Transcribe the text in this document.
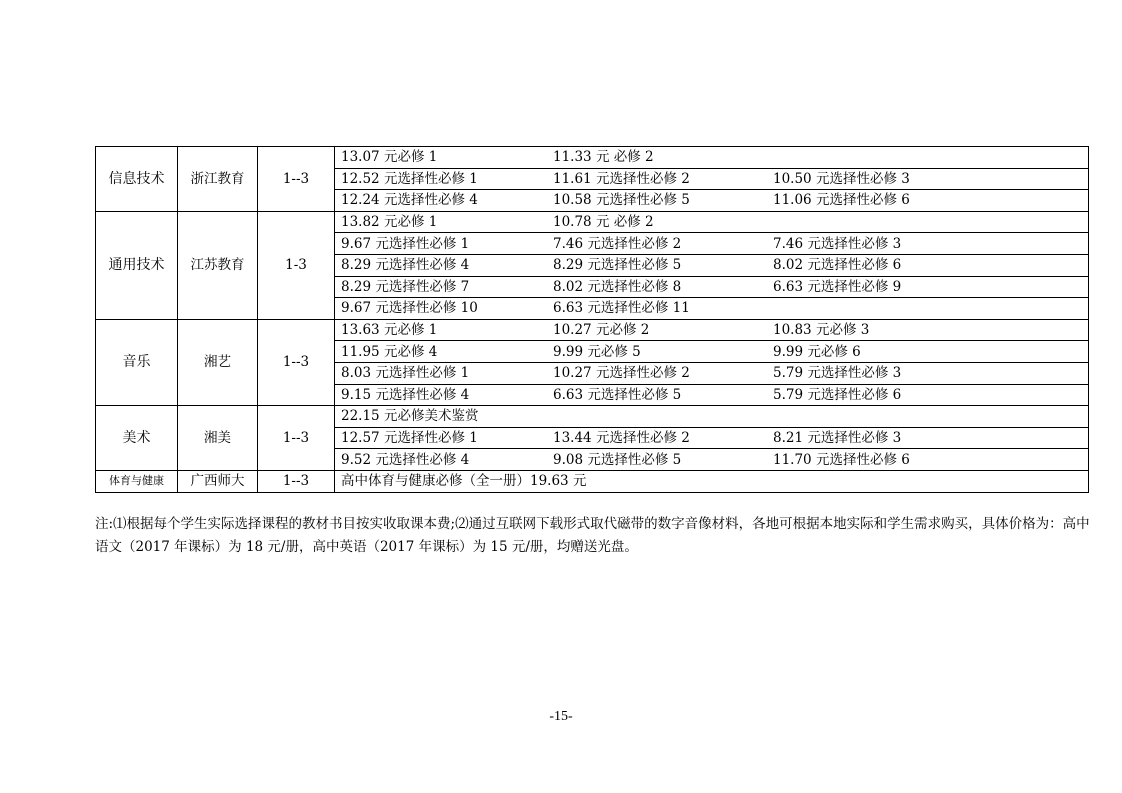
信息技术	浙江教育	1--3	13.07 元必修 1 11.33 元 必修 2
			12.52 元选择性必修 1 11.61 元选择性必修 2 10.50 元选择性必修 3
			12.24 元选择性必修 4 10.58 元选择性必修 5 11.06 元选择性必修 6
通用技术	江苏教育	1-3	13.82 元必修 1 10.78 元 必修 2
			9.67 元选择性必修 1 7.46 元选择性必修 2 7.46 元选择性必修 3
			8.29 元选择性必修 4 8.29 元选择性必修 5 8.02 元选择性必修 6
			8.29 元选择性必修 7 8.02 元选择性必修 8 6.63 元选择性必修 9
			9.67 元选择性必修 10 6.63 元选择性必修 11
音乐	湘艺	1--3	13.63 元必修 1 10.27 元必修 2 10.83 元必修 3
			11.95 元必修 4 9.99 元必修 5 9.99 元必修 6
			8.03 元选择性必修 1 10.27 元选择性必修 2 5.79 元选择性必修 3
			9.15 元选择性必修 4 6.63 元选择性必修 5 5.79 元选择性必修 6
美术	湘美	1--3	22.15 元必修美术鉴赏
			12.57 元选择性必修 1 13.44 元选择性必修 2 8.21 元选择性必修 3
			9.52 元选择性必修 4 9.08 元选择性必修 5 11.70 元选择性必修 6
体育与健康	广西师大	1--3	高中体育与健康必修（全一册）19.63 元
注:⑴根据每个学生实际选择课程的教材书目按实收取课本费;⑵通过互联网下载形式取代磁带的数字音像材料，各地可根据本地实际和学生需求购买，具体价格为：高中语文（2017 年课标）为 18 元/册，高中英语（2017 年课标）为 15 元/册，均赠送光盘。
-15-
